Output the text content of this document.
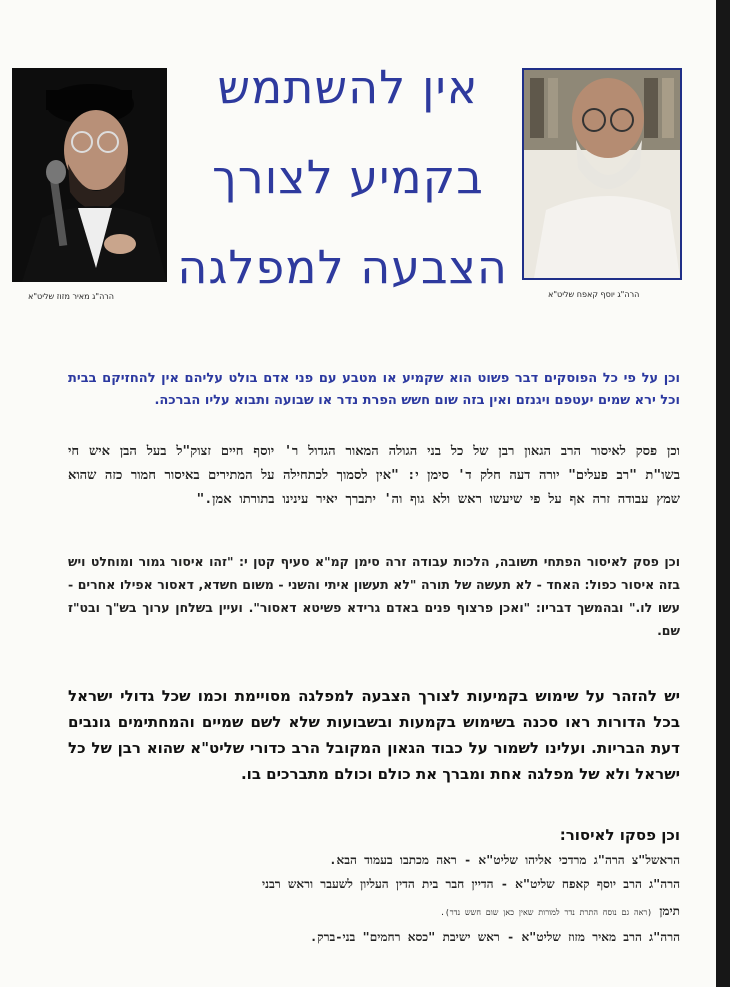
הרה"ג מאיר מזוז שליט"א
אין להשתמש
בקמיע לצורך
הצבעה למפלגה
הרה"ג יוסף קאפח שליט"א
וכן על פי כל הפוסקים דבר פשוט הוא שקמיע או מטבע עם פני אדם בולט עליהם אין להחזיקם בבית וכל ירא שמים יעטפם ויגנזם ואין בזה שום חשש הפרת נדר או שבועה ותבוא עליו הברכה.
וכן פסק לאיסור הרב הגאון רבן של כל בני הגולה המאור הגדול ר' יוסף חיים זצוק"ל בעל הבן איש חי בשו"ת "רב פעלים" יורה דעה חלק ד' סימן י: "אין לסמוך לכתחילה על המתירים באיסור חמור כזה שהוא שמץ עבודה זרה אף על פי שיעשו ראש ולא גוף וה' יתברך יאיר עינינו בתורתו אמן."
וכן פסק לאיסור הפתחי תשובה, הלכות עבודה זרה סימן קמ"א סעיף קטן י: "זהו איסור גמור ומוחלט ויש בזה איסור כפול: האחד - לא תעשה של תורה "לא תעשון איתי והשני - משום חשדא, דאסור אפילו אחרים - עשו לו." ובהמשך דבריו: "ואכן פרצוף פנים באדם גרידא פשיטא דאסור". ועיין בשלחן ערוך בש"ך ובט"ז שם.
יש להזהר על שימוש בקמיעות לצורך הצבעה למפלגה מסויימת וכמו שכל גדולי ישראל בכל הדורות ראו סכנה בשימוש בקמעות ובשבועות שלא לשם שמיים והמחתימים גונבים דעת הבריות. ועלינו לשמור על כבוד הגאון המקובל הרב כדורי שליט"א שהוא רבן של כל ישראל ולא של מפלגה אחת ומברך את כולם וכולם מתברכים בו.
וכן פסקו לאיסור:
הראשל"צ הרה"ג מרדכי אליהו שליט"א - ראה מכתבו בעמוד הבא.
הרה"ג הרב יוסף קאפח שליט"א - הדיין חבר בית הדין העליון לשעבר וראש רבני
תימן (ראה גם נוסח התרת נדר למורות שאין כאן שום חשש נדר).
הרה"ג הרב מאיר מזוז שליט"א - ראש ישיבת "כסא רחמים" בני-ברק.
